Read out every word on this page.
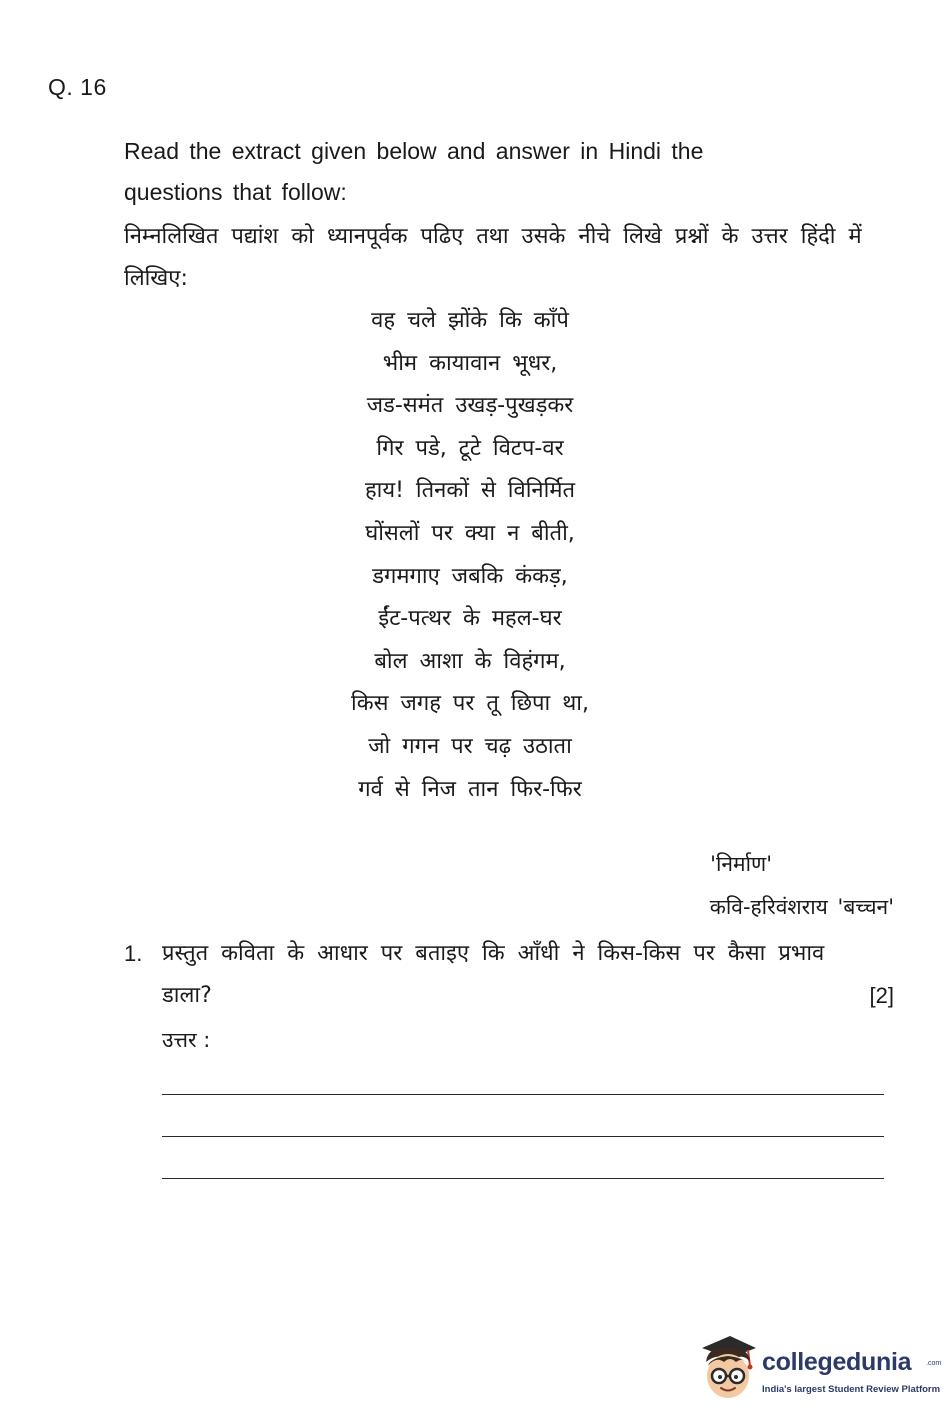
Q. 16
Read the extract given below and answer in Hindi the questions that follow:
निम्नलिखित पद्यांश को ध्यानपूर्वक पढिए तथा उसके नीचे लिखे प्रश्नों के उत्तर हिंदी में लिखिए:
वह चले झोंके कि काँपे
भीम कायावान भूधर,
जड-समंत उखड़-पुखड़कर
गिर पडे, टूटे विटप-वर
हाय! तिनकों से विनिर्मित
घोंसलों पर क्या न बीती,
डगमगाए जबकि कंकड़,
ईंट-पत्थर के महल-घर
बोल आशा के विहंगम,
किस जगह पर तू छिपा था,
जो गगन पर चढ़ उठाता
गर्व से निज तान फिर-फिर
'निर्माण'
कवि-हरिवंशराय 'बच्चन'
1. प्रस्तुत कविता के आधार पर बताइए कि आँधी ने किस-किस पर कैसा प्रभाव डाला?	[2]
उत्तर :
collegedunia .com
India's largest Student Review Platform
